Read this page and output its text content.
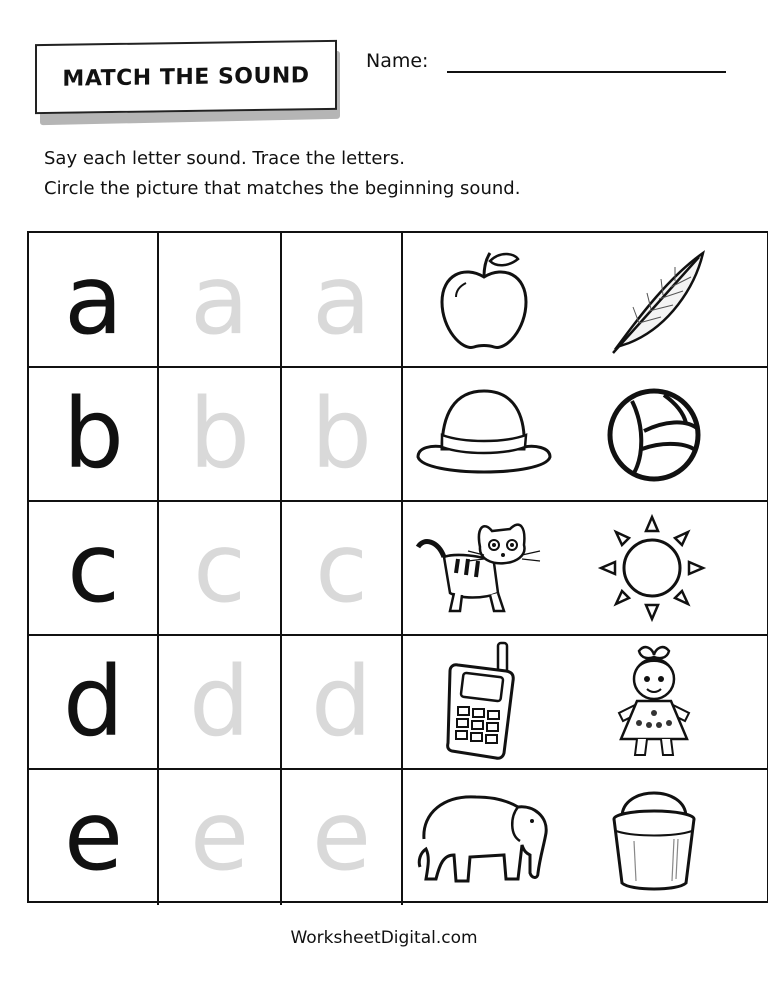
MATCH THE SOUND
Name:
Say each letter sound. Trace the letters.
Circle the picture that matches the beginning sound.
a a a
b b b
c c c
d d d
e e e
WorksheetDigital.com
